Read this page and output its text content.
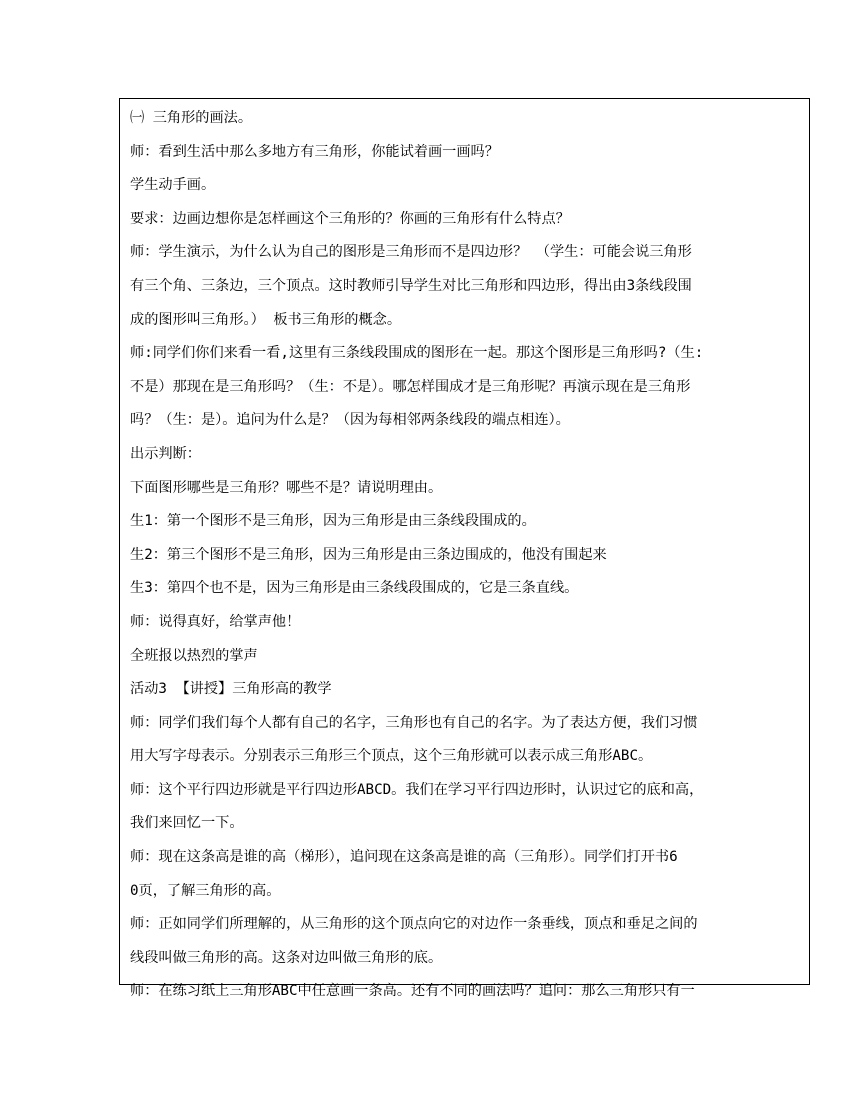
㈠ 三角形的画法。
师：看到生活中那么多地方有三角形，你能试着画一画吗？
学生动手画。
要求：边画边想你是怎样画这个三角形的？你画的三角形有什么特点？
师：学生演示，为什么认为自己的图形是三角形而不是四边形？ （学生：可能会说三角形
有三个角、三条边，三个顶点。这时教师引导学生对比三角形和四边形，得出由3条线段围
成的图形叫三角形。） 板书三角形的概念。
师:同学们你们来看一看,这里有三条线段围成的图形在一起。那这个图形是三角形吗?（生:
不是）那现在是三角形吗？（生：不是）。哪怎样围成才是三角形呢？再演示现在是三角形
吗？（生：是）。追问为什么是？（因为每相邻两条线段的端点相连）。
出示判断：
下面图形哪些是三角形？哪些不是？请说明理由。
生1：第一个图形不是三角形，因为三角形是由三条线段围成的。
生2：第三个图形不是三角形，因为三角形是由三条边围成的，他没有围起来
生3：第四个也不是，因为三角形是由三条线段围成的，它是三条直线。
师：说得真好，给掌声他！
全班报以热烈的掌声
活动3 【讲授】三角形高的教学
师：同学们我们每个人都有自己的名字，三角形也有自己的名字。为了表达方便，我们习惯
用大写字母表示。分别表示三角形三个顶点，这个三角形就可以表示成三角形ABC。
师：这个平行四边形就是平行四边形ABCD。我们在学习平行四边形时，认识过它的底和高，
我们来回忆一下。
师：现在这条高是谁的高（梯形），追问现在这条高是谁的高（三角形）。同学们打开书6
0页，了解三角形的高。
师：正如同学们所理解的，从三角形的这个顶点向它的对边作一条垂线，顶点和垂足之间的
线段叫做三角形的高。这条对边叫做三角形的底。
师：在练习纸上三角形ABC中任意画一条高。还有不同的画法吗？追问：那么三角形只有一
